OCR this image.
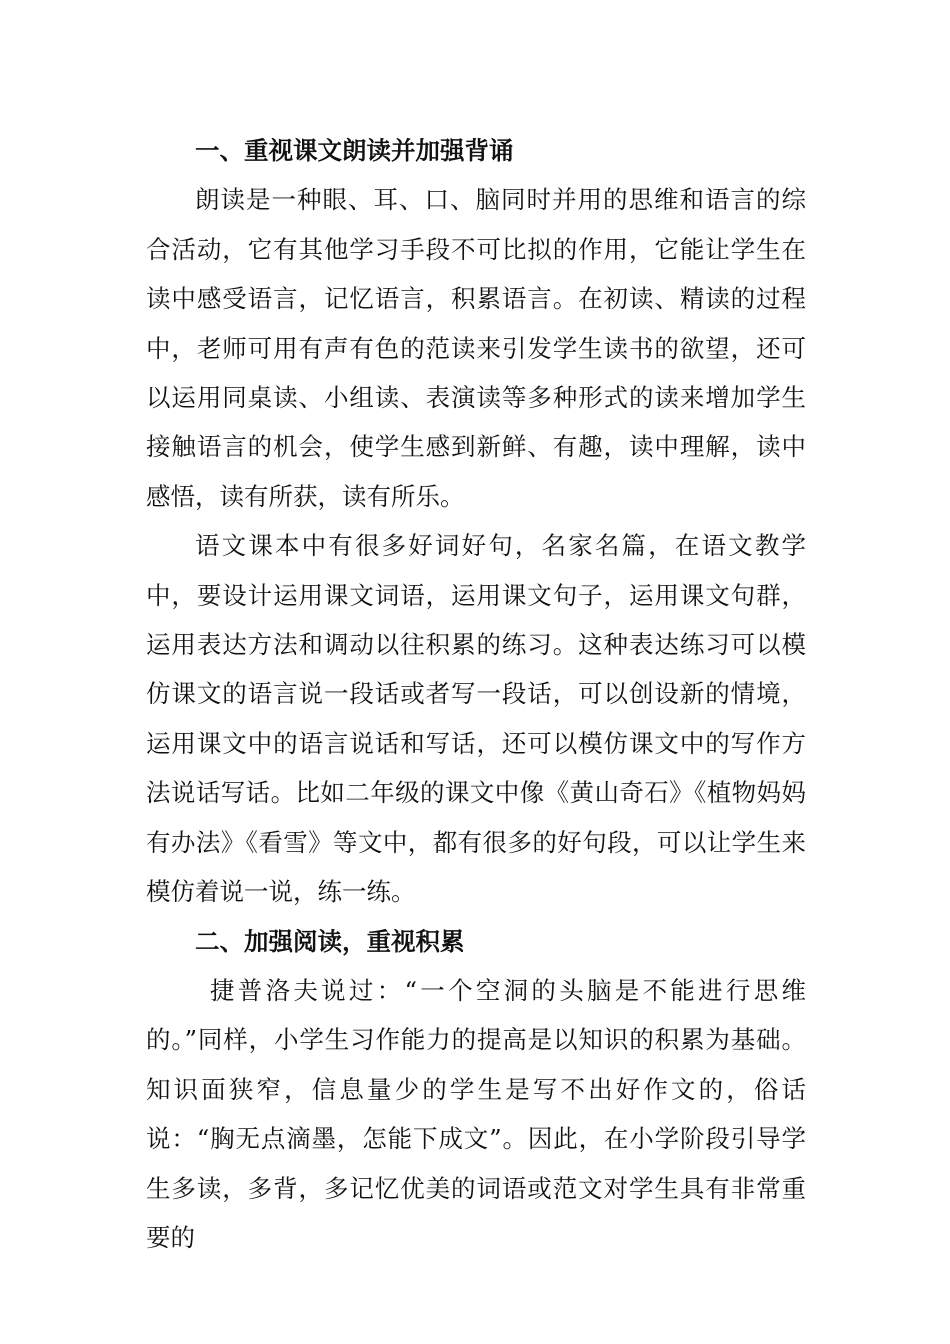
一、重视课文朗读并加强背诵

朗读是一种眼、耳、口、脑同时并用的思维和语言的综合活动，它有其他学习手段不可比拟的作用，它能让学生在读中感受语言，记忆语言，积累语言。在初读、精读的过程中，老师可用有声有色的范读来引发学生读书的欲望，还可以运用同桌读、小组读、表演读等多种形式的读来增加学生接触语言的机会，使学生感到新鲜、有趣，读中理解，读中感悟，读有所获，读有所乐。

语文课本中有很多好词好句，名家名篇，在语文教学中，要设计运用课文词语，运用课文句子，运用课文句群，运用表达方法和调动以往积累的练习。这种表达练习可以模仿课文的语言说一段话或者写一段话，可以创设新的情境，运用课文中的语言说话和写话，还可以模仿课文中的写作方法说话写话。比如二年级的课文中像《黄山奇石》《植物妈妈有办法》《看雪》等文中，都有很多的好句段，可以让学生来模仿着说一说，练一练。

二、加强阅读，重视积累

捷普洛夫说过：“一个空洞的头脑是不能进行思维的。”同样，小学生习作能力的提高是以知识的积累为基础。知识面狭窄，信息量少的学生是写不出好作文的，俗话说：“胸无点滴墨，怎能下成文”。因此，在小学阶段引导学生多读，多背，多记忆优美的词语或范文对学生具有非常重要的
